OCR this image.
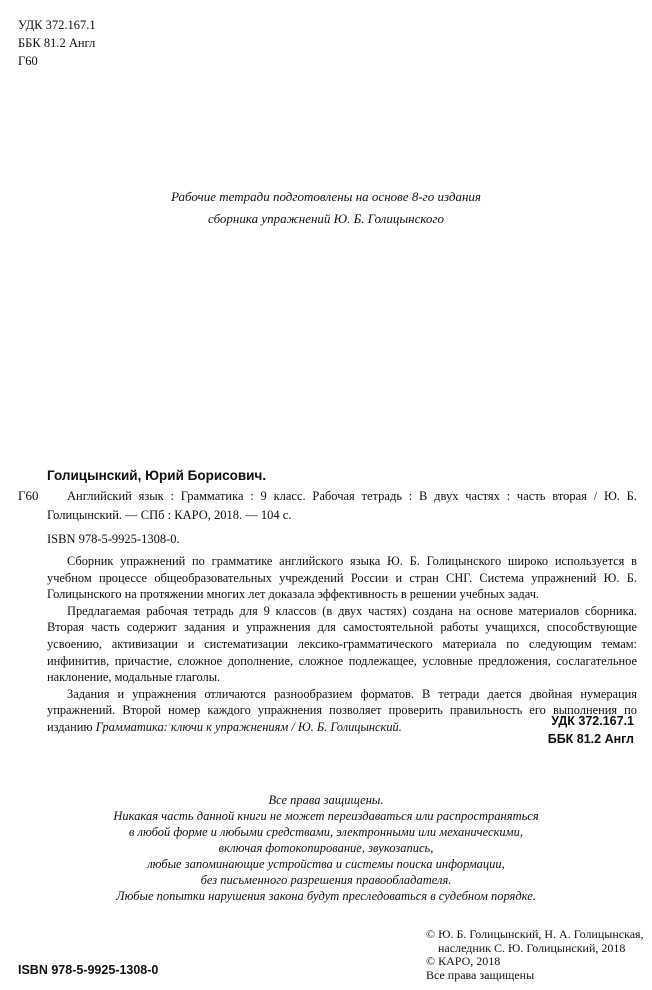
УДК 372.167.1
ББК 81.2 Англ
Г60
Рабочие тетради подготовлены на основе 8-го издания
сборника упражнений Ю. Б. Голицынского
Голицынский, Юрий Борисович.
Г60	Английский язык : Грамматика : 9 класс. Рабочая тетрадь : В двух частях : часть вторая / Ю. Б. Голицынский. — СПб : КАРО, 2018. — 104 с.
ISBN 978-5-9925-1308-0.

Сборник упражнений по грамматике английского языка Ю. Б. Голицынского широко используется в учебном процессе общеобразовательных учреждений России и стран СНГ. Система упражнений Ю. Б. Голицынского на протяжении многих лет доказала эффективность в решении учебных задач.

Предлагаемая рабочая тетрадь для 9 классов (в двух частях) создана на основе материалов сборника. Вторая часть содержит задания и упражнения для самостоятельной работы учащихся, способствующие усвоению, активизации и систематизации лексико-грамматического материала по следующим темам: инфинитив, причастие, сложное дополнение, сложное подлежащее, условные предложения, сослагательное наклонение, модальные глаголы.

Задания и упражнения отличаются разнообразием форматов. В тетради дается двойная нумерация упражнений. Второй номер каждого упражнения позволяет проверить правильность его выполнения по изданию Грамматика: ключи к упражнениям / Ю. Б. Голицынский.	УДК 372.167.1
ББК 81.2 Англ
Все права защищены.
Никакая часть данной книги не может переиздаваться или распространяться
в любой форме и любыми средствами, электронными или механическими,
включая фотокопирование, звукозапись,
любые запоминающие устройства и системы поиска информации,
без письменного разрешения правообладателя.
Любые попытки нарушения закона будут преследоваться в судебном порядке.
© Ю. Б. Голицынский, Н. А. Голицынская,
наследник С. Ю. Голицынский, 2018
© КАРО, 2018
Все права защищены
ISBN 978-5-9925-1308-0
